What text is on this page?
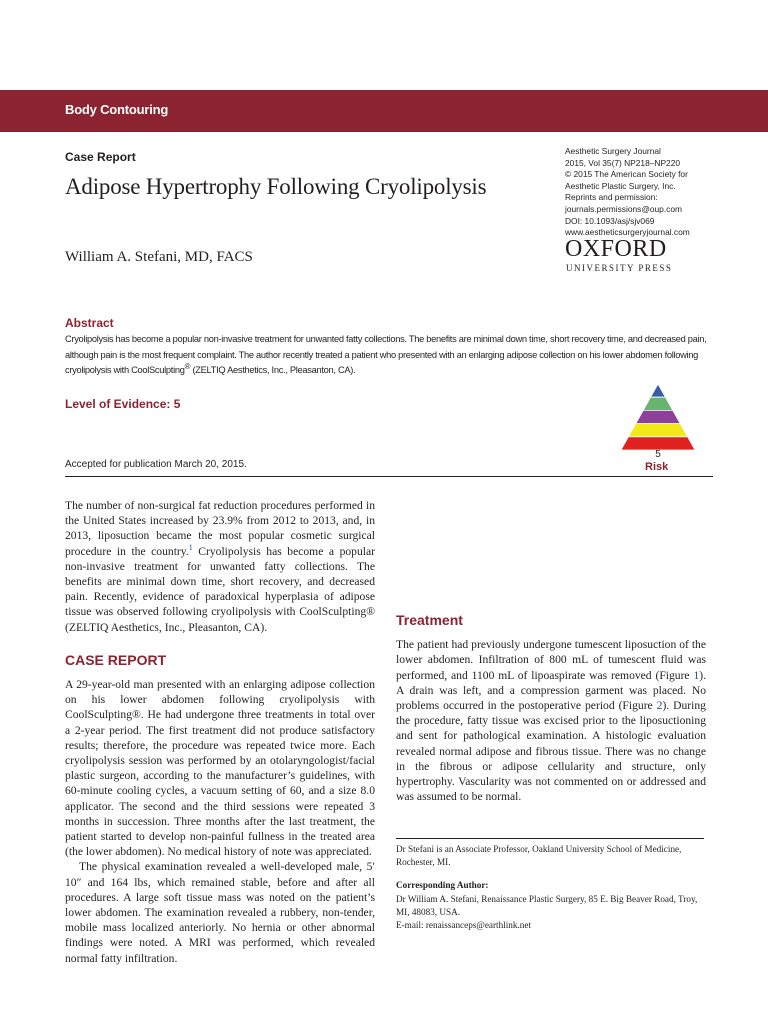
Body Contouring
Case Report
Adipose Hypertrophy Following Cryolipolysis
William A. Stefani, MD, FACS
Aesthetic Surgery Journal
2015, Vol 35(7) NP218–NP220
© 2015 The American Society for
Aesthetic Plastic Surgery, Inc.
Reprints and permission:
journals.permissions@oup.com
DOI: 10.1093/asj/sjv069
www.aestheticsurgeryjournal.com
OXFORD
UNIVERSITY PRESS
Abstract

Cryolipolysis has become a popular non-invasive treatment for unwanted fatty collections. The benefits are minimal down time, short recovery time, and decreased pain, although pain is the most frequent complaint. The author recently treated a patient who presented with an enlarging adipose collection on his lower abdomen following cryolipolysis with CoolSculpting® (ZELTIQ Aesthetics, Inc., Pleasanton, CA).

Level of Evidence: 5
5
Risk
Accepted for publication March 20, 2015.

The number of non-surgical fat reduction procedures performed in the United States increased by 23.9% from 2012 to 2013, and, in 2013, liposuction became the most popular cosmetic surgical procedure in the country.$^1$ Cryolipolysis has become a popular non-invasive treatment for unwanted fatty collections. The benefits are minimal down time, short recovery, and decreased pain. Recently, evidence of paradoxical hyperplasia of adipose tissue was observed following cryolipolysis with CoolSculpting® (ZELTIQ Aesthetics, Inc., Pleasanton, CA).

CASE REPORT

A 29-year-old man presented with an enlarging adipose collection on his lower abdomen following cryolipolysis with CoolSculpting®. He had undergone three treatments in total over a 2-year period. The first treatment did not produce satisfactory results; therefore, the procedure was repeated twice more. Each cryolipolysis session was performed by an otolaryngologist/facial plastic surgeon, according to the manufacturer’s guidelines, with 60-minute cooling cycles, a vacuum setting of 60, and a size 8.0 applicator. The second and the third sessions were repeated 3 months in succession. Three months after the last treatment, the patient started to develop non-painful fullness in the treated area (the lower abdomen). No medical history of note was appreciated.

The physical examination revealed a well-developed male, 5′ 10″ and 164 lbs, which remained stable, before and after all procedures. A large soft tissue mass was noted on the patient’s lower abdomen. The examination revealed a rubbery, non-tender, mobile mass localized anteriorly. No hernia or other abnormal findings were noted. A MRI was performed, which revealed normal fatty infiltration.

Treatment

The patient had previously undergone tumescent liposuction of the lower abdomen. Infiltration of 800 mL of tumescent fluid was performed, and 1100 mL of lipoaspirate was removed (Figure 1). A drain was left, and a compression garment was placed. No problems occurred in the postoperative period (Figure 2). During the procedure, fatty tissue was excised prior to the liposuctioning and sent for pathological examination. A histologic evaluation revealed normal adipose and fibrous tissue. There was no change in the fibrous or adipose cellularity and structure, only hypertrophy. Vascularity was not commented on or addressed and was assumed to be normal.

Dr Stefani is an Associate Professor, Oakland University School of Medicine, Rochester, MI.

Corresponding Author:

Dr William A. Stefani, Renaissance Plastic Surgery, 85 E. Big Beaver Road, Troy, MI, 48083, USA.

E-mail: renaissanceps@earthlink.net
